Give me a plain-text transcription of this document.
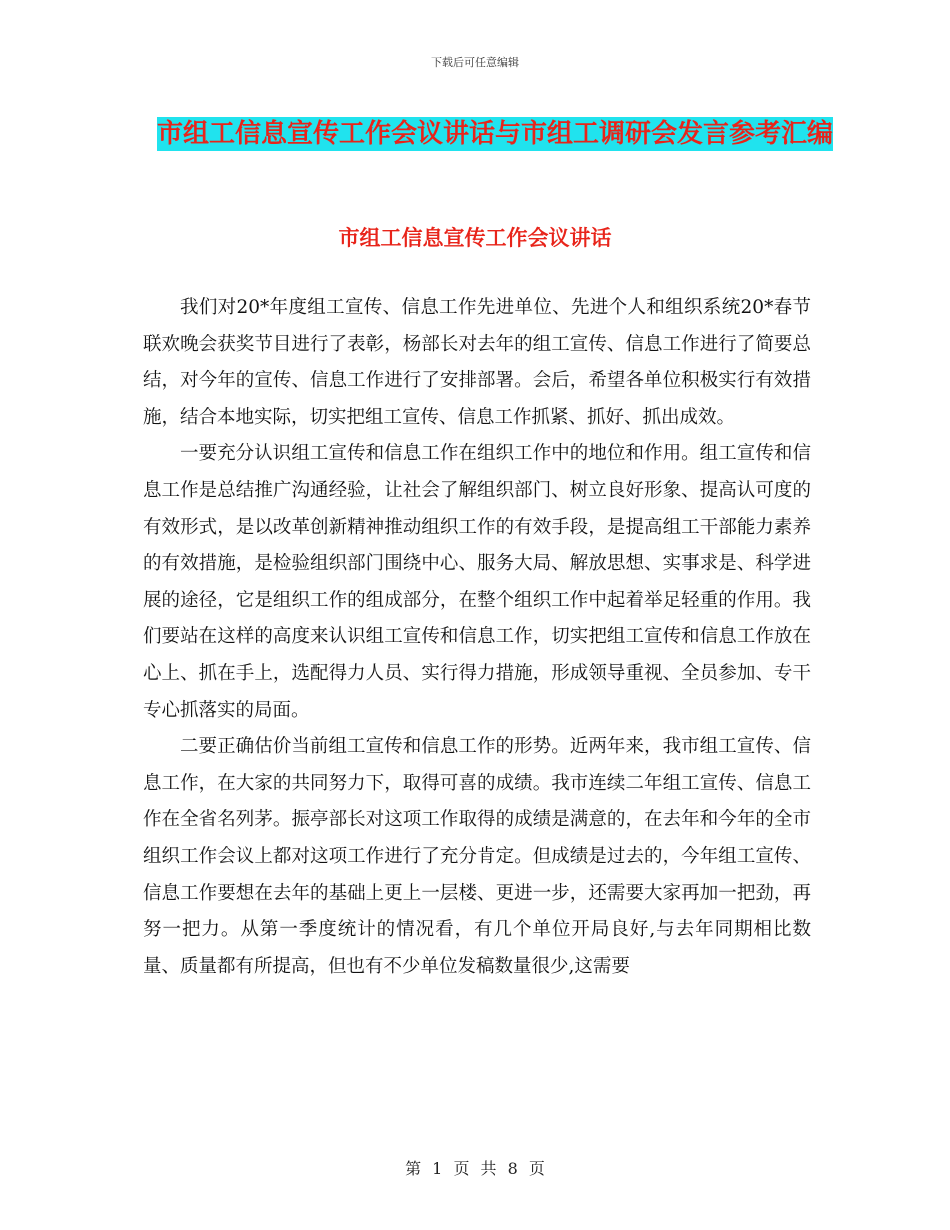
下载后可任意编辑
市组工信息宣传工作会议讲话与市组工调研会发言参考汇编
市组工信息宣传工作会议讲话

我们对20*年度组工宣传、信息工作先进单位、先进个人和组织系统20*春节联欢晚会获奖节目进行了表彰，杨部长对去年的组工宣传、信息工作进行了简要总结，对今年的宣传、信息工作进行了安排部署。会后，希望各单位积极实行有效措施，结合本地实际，切实把组工宣传、信息工作抓紧、抓好、抓出成效。

一要充分认识组工宣传和信息工作在组织工作中的地位和作用。组工宣传和信息工作是总结推广沟通经验，让社会了解组织部门、树立良好形象、提高认可度的有效形式，是以改革创新精神推动组织工作的有效手段，是提高组工干部能力素养的有效措施，是检验组织部门围绕中心、服务大局、解放思想、实事求是、科学进展的途径，它是组织工作的组成部分，在整个组织工作中起着举足轻重的作用。我们要站在这样的高度来认识组工宣传和信息工作，切实把组工宣传和信息工作放在心上、抓在手上，选配得力人员、实行得力措施，形成领导重视、全员参加、专干专心抓落实的局面。

二要正确估价当前组工宣传和信息工作的形势。近两年来，我市组工宣传、信息工作，在大家的共同努力下，取得可喜的成绩。我市连续二年组工宣传、信息工作在全省名列茅。振亭部长对这项工作取得的成绩是满意的，在去年和今年的全市组织工作会议上都对这项工作进行了充分肯定。但成绩是过去的，今年组工宣传、信息工作要想在去年的基础上更上一层楼、更进一步，还需要大家再加一把劲，再努一把力。从第一季度统计的情况看，有几个单位开局良好,与去年同期相比数量、质量都有所提高，但也有不少单位发稿数量很少,这需要

第 1 页 共 8 页
